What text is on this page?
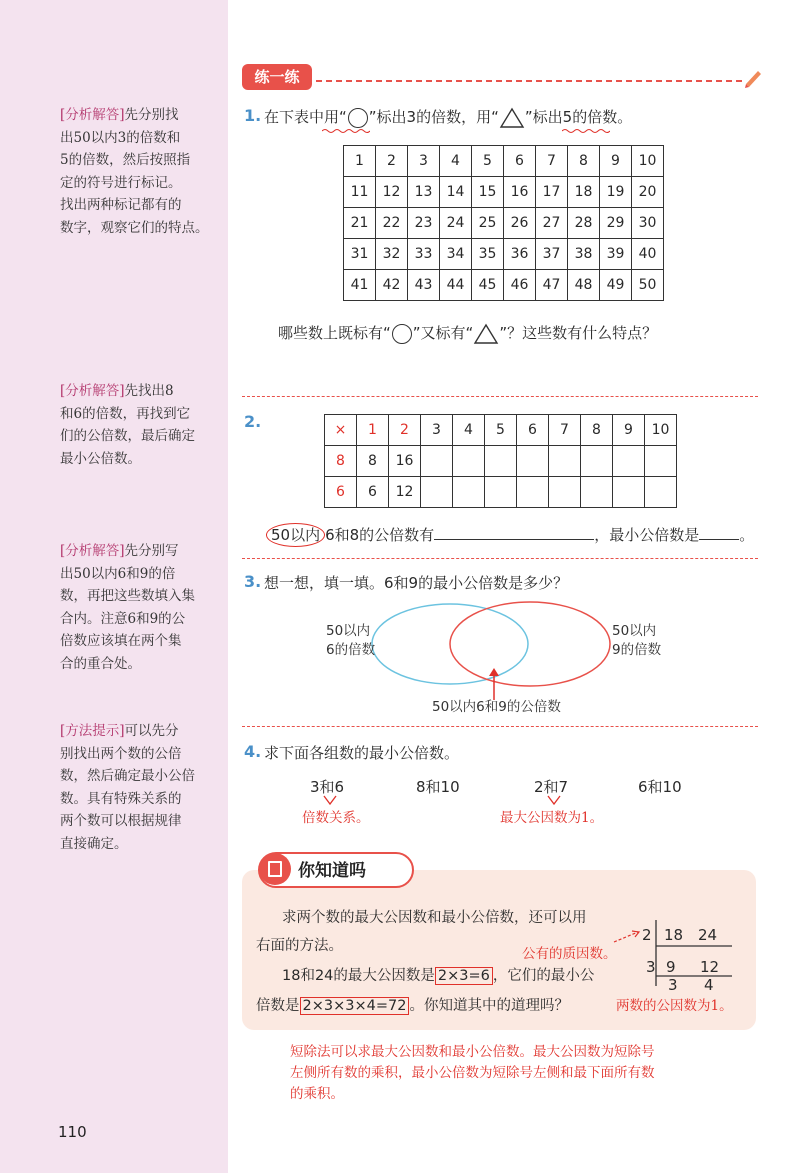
[分析解答]先分别找
出50以内3的倍数和
5的倍数，然后按照指
定的符号进行标记。
找出两种标记都有的
数字，观察它们的特点。
[分析解答]先找出8
和6的倍数，再找到它
们的公倍数，最后确定
最小公倍数。
[分析解答]先分别写
出50以内6和9的倍
数，再把这些数填入集
合内。注意6和9的公
倍数应该填在两个集
合的重合处。
[方法提示]可以先分
别找出两个数的公倍
数，然后确定最小公倍
数。具有特殊关系的
两个数可以根据规律
直接确定。
110
练一练
1. 在下表中用“ ”标出3的倍数，用“ ”标出5的倍数。
1	2	3	4	5	6	7	8	9	10
11	12	13	14	15	16	17	18	19	20
21	22	23	24	25	26	27	28	29	30
31	32	33	34	35	36	37	38	39	40
41	42	43	44	45	46	47	48	49	50
哪些数上既标有“ ”又标有“ ”？这些数有什么特点？
2.	×	1	2	3	4	5	6	7	8	9	10
8	8	16								
6	6	12								
50以内 6和8的公倍数有	，最小公倍数是	。
3. 想一想，填一填。6和9的最小公倍数是多少？
50以内
6的倍数
50以内
9的倍数
50以内6和9的公倍数
4. 求下面各组数的最小公倍数。
3和6	8和10	2和7	6和10
倍数关系。	最大公因数为1。
你知道吗
求两个数的最大公因数和最小公倍数，还可以用
右面的方法。
18和24的最大公因数是 2×3=6 ，它们的最小公
倍数是 2×3×3×4=72 。你知道其中的道理吗？
2 18 24
3 9 12
3 4
公有的质因数。
两数的公因数为1。
短除法可以求最大公因数和最小公倍数。最大公因数为短除号
左侧所有数的乘积，最小公倍数为短除号左侧和最下面所有数
的乘积。
